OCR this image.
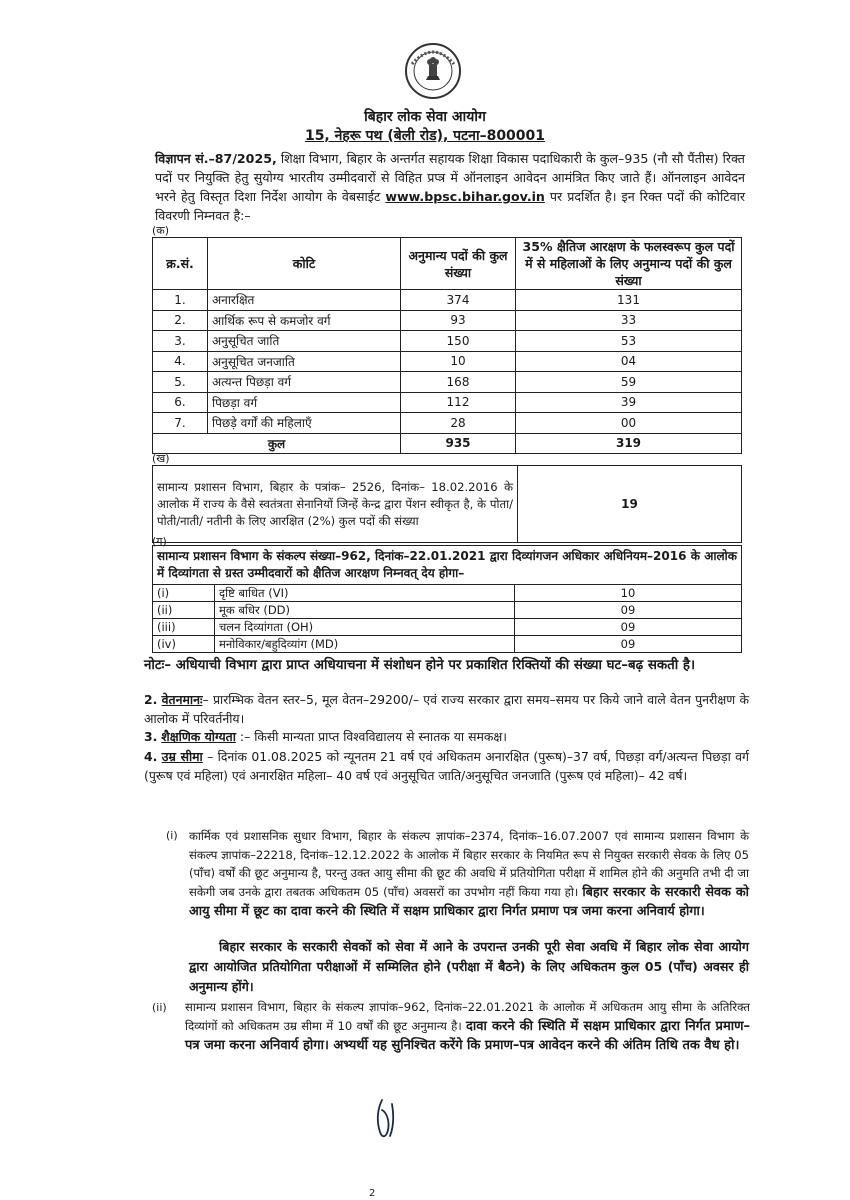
बिहार लोक सेवा आयोग
15, नेहरू पथ (बेली रोड), पटना–800001
विज्ञापन सं.–87/2025, शिक्षा विभाग, बिहार के अन्तर्गत सहायक शिक्षा विकास पदाधिकारी के कुल–935 (नौ सौ पैंतीस) रिक्त पदों पर नियुक्ति हेतु सुयोग्य भारतीय उम्मीदवारों से विहित प्रप्त्र में ऑनलाइन आवेदन आमंत्रित किए जाते हैं। ऑनलाइन आवेदन भरने हेतु विस्तृत दिशा निर्देश आयोग के वेबसाईट www.bpsc.bihar.gov.in पर प्रदर्शित है। इन रिक्त पदों की कोटिवार विवरणी निम्नवत है:–
(क)
क्र.सं.	कोटि	अनुमान्य पदों की कुल संख्या	35% क्षैतिज आरक्षण के फलस्वरूप कुल पदों में से महिलाओं के लिए अनुमान्य पदों की कुल संख्या
1.	अनारक्षित	374	131
2.	आर्थिक रूप से कमजोर वर्ग	93	33
3.	अनुसूचित जाति	150	53
4.	अनुसूचित जनजाति	10	04
5.	अत्यन्त पिछड़ा वर्ग	168	59
6.	पिछड़ा वर्ग	112	39
7.	पिछड़े वर्गों की महिलाएँ	28	00
कुल		935	319
(ख)
सामान्य प्रशासन विभाग, बिहार के पत्रांक– 2526, दिनांक– 18.02.2016 के आलोक में राज्य के वैसे स्वतंत्रता सेनानियों जिन्हें केन्द्र द्वारा पेंशन स्वीकृत है, के पोता/पोती/नाती/ नतीनी के लिए आरक्षित (2%) कुल पदों की संख्या	19
(ग)
सामान्य प्रशासन विभाग के संकल्प संख्या–962, दिनांक–22.01.2021 द्वारा दिव्यांगजन अधिकार अधिनियम–2016 के आलोक में दिव्यांगता से ग्रस्त उम्मीदवारों को क्षैतिज आरक्षण निम्नवत् देय होगा–		
(i)	दृष्टि बाधित (VI)	10
(ii)	मूक बधिर (DD)	09
(iii)	चलन दिव्यांगता (OH)	09
(iv)	मनोविकार/बहुदिव्यांग (MD)	09
नोटः– अधियाची विभाग द्वारा प्राप्त अधियाचना में संशोधन होने पर प्रकाशित रिक्तियों की संख्या घट–बढ़ सकती है।
2. वेतनमानः– प्रारम्भिक वेतन स्तर–5, मूल वेतन–29200/– एवं राज्य सरकार द्वारा समय–समय पर किये जाने वाले वेतन पुनरीक्षण के आलोक में परिवर्तनीय।
3. शैक्षणिक योग्यता :– किसी मान्यता प्राप्त विश्वविद्यालय से स्नातक या समकक्ष।
4. उम्र सीमा – दिनांक 01.08.2025 को न्यूनतम 21 वर्ष एवं अधिकतम अनारक्षित (पुरूष)–37 वर्ष, पिछड़ा वर्ग/अत्यन्त पिछड़ा वर्ग (पुरूष एवं महिला) एवं अनारक्षित महिला– 40 वर्ष एवं अनुसूचित जाति/अनुसूचित जनजाति (पुरूष एवं महिला)– 42 वर्ष।
(i) कार्मिक एवं प्रशासनिक सुधार विभाग, बिहार के संकल्प ज्ञापांक–2374, दिनांक–16.07.2007 एवं सामान्य प्रशासन विभाग के संकल्प ज्ञापांक–22218, दिनांक–12.12.2022 के आलोक में बिहार सरकार के नियमित रूप से नियुक्त सरकारी सेवक के लिए 05 (पाँच) वर्षों की छूट अनुमान्य है, परन्तु उक्त आयु सीमा की छूट की अवधि में प्रतियोगिता परीक्षा में शामिल होने की अनुमति तभी दी जा सकेगी जब उनके द्वारा तबतक अधिकतम 05 (पाँच) अवसरों का उपभोग नहीं किया गया हो। बिहार सरकार के सरकारी सेवक को आयु सीमा में छूट का दावा करने की स्थिति में सक्षम प्राधिकार द्वारा निर्गत प्रमाण पत्र जमा करना अनिवार्य होगा।
बिहार सरकार के सरकारी सेवकों को सेवा में आने के उपरान्त उनकी पूरी सेवा अवधि में बिहार लोक सेवा आयोग द्वारा आयोजित प्रतियोगिता परीक्षाओं में सम्मिलित होने (परीक्षा में बैठने) के लिए अधिकतम कुल 05 (पाँच) अवसर ही अनुमान्य होंगे।
(ii) सामान्य प्रशासन विभाग, बिहार के संकल्प ज्ञापांक–962, दिनांक–22.01.2021 के आलोक में अधिकतम आयु सीमा के अतिरिक्त दिव्यांगों को अधिकतम उम्र सीमा में 10 वर्षों की छूट अनुमान्य है। दावा करने की स्थिति में सक्षम प्राधिकार द्वारा निर्गत प्रमाण–पत्र जमा करना अनिवार्य होगा। अभ्यर्थी यह सुनिश्चित करेंगे कि प्रमाण–पत्र आवेदन करने की अंतिम तिथि तक वैध हो।
2
